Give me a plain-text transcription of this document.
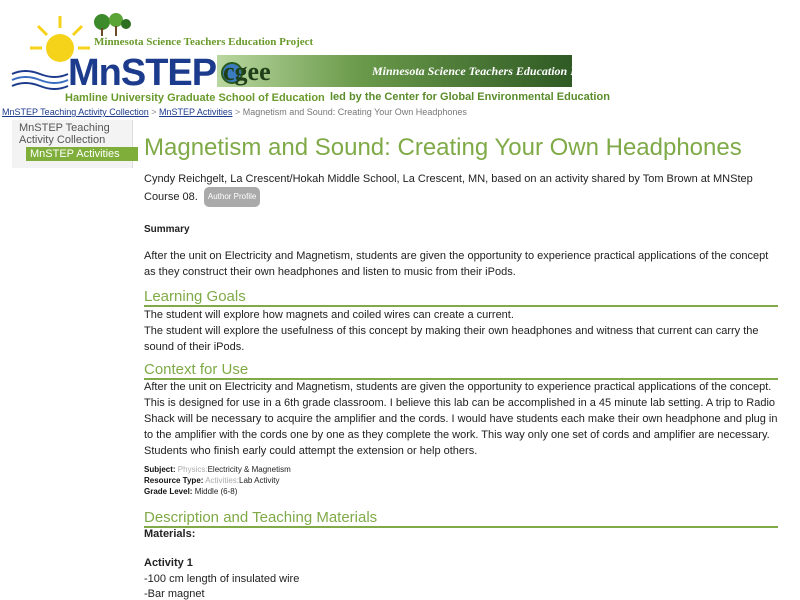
Minnesota Science Teachers Education Project
MnSTEP
Hamline University Graduate School of Education
cgee	Minnesota Science Teachers Education Project
led by the Center for Global Environmental Education
MnSTEP Teaching Activity Collection > MnSTEP Activities > Magnetism and Sound: Creating Your Own Headphones
MnSTEP Teaching Activity Collection
MnSTEP Activities	Magnetism and Sound: Creating Your Own Headphones
Cyndy Reichgelt, La Crescent/Hokah Middle School, La Crescent, MN, based on an activity shared by Tom Brown at MNStep Course 08. Author Profile
Summary
After the unit on Electricity and Magnetism, students are given the opportunity to experience practical applications of the concept as they construct their own headphones and listen to music from their iPods.
Learning Goals
The student will explore how magnets and coiled wires can create a current.
The student will explore the usefulness of this concept by making their own headphones and witness that current can carry the sound of their iPods.
Context for Use
After the unit on Electricity and Magnetism, students are given the opportunity to experience practical applications of the concept. This is designed for use in a 6th grade classroom. I believe this lab can be accomplished in a 45 minute lab setting. A trip to Radio Shack will be necessary to acquire the amplifier and the cords. I would have students each make their own headphone and plug in to the amplifier with the cords one by one as they complete the work. This way only one set of cords and amplifier are necessary. Students who finish early could attempt the extension or help others.
Subject: Physics:Electricity & Magnetism
Resource Type: Activities:Lab Activity
Grade Level: Middle (6-8)
Description and Teaching Materials
Materials:
Activity 1
-100 cm length of insulated wire
-Bar magnet
